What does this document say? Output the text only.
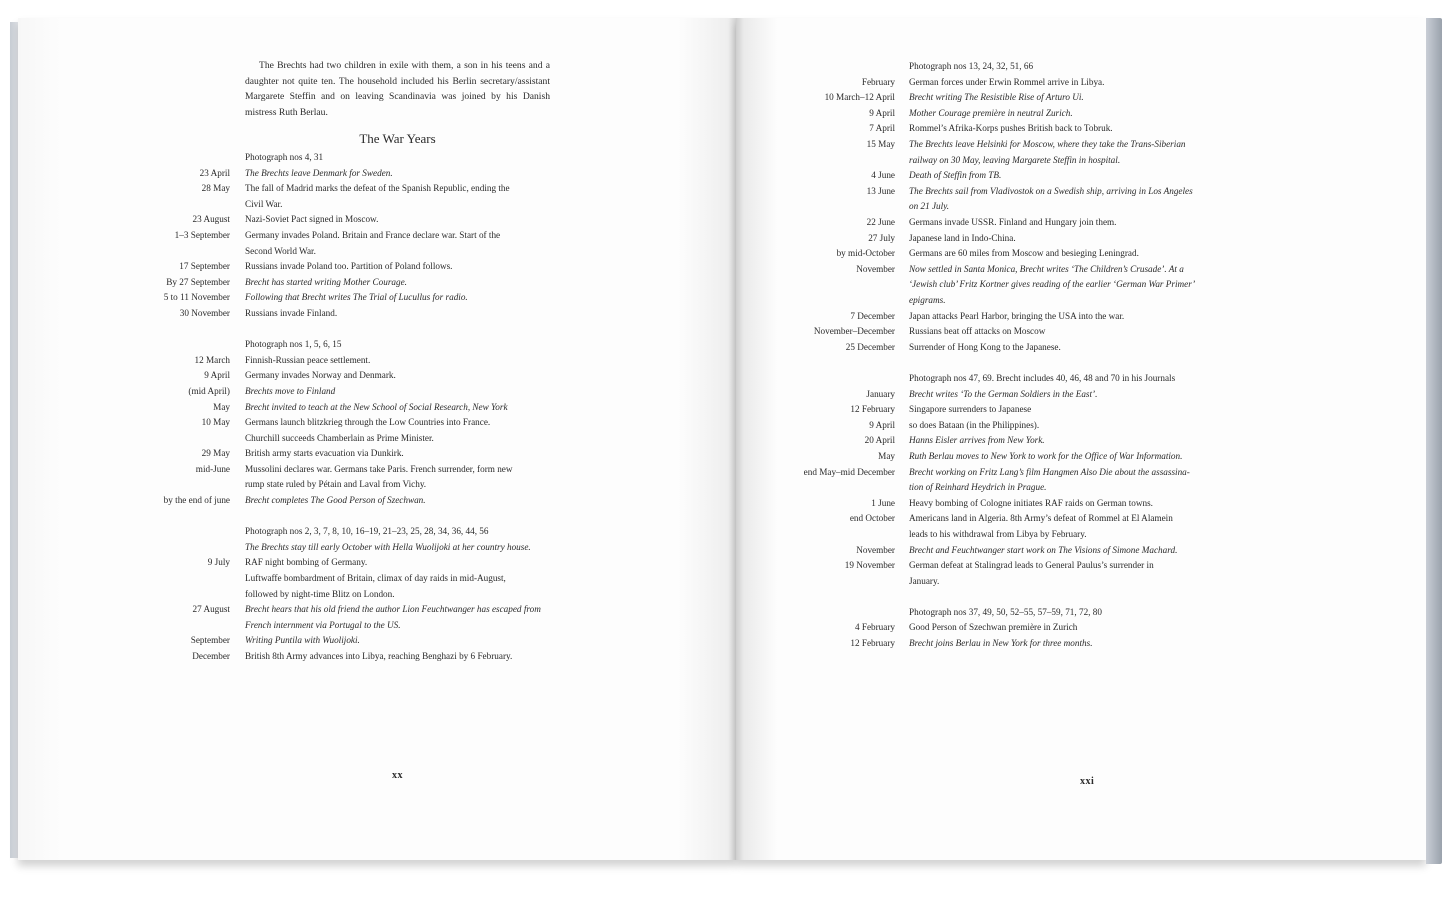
The Brechts had two children in exile with them, a son in his teens and a daughter not quite ten. The household included his Berlin secretary/assistant Margarete Steffin and on leaving Scandinavia was joined by his Danish mistress Ruth Berlau.
The War Years
Photograph nos 4, 31
23 April The Brechts leave Denmark for Sweden.
28 May The fall of Madrid marks the defeat of the Spanish Republic, ending the
Civil War.
23 August Nazi-Soviet Pact signed in Moscow.
1–3 September Germany invades Poland. Britain and France declare war. Start of the
Second World War.
17 September Russians invade Poland too. Partition of Poland follows.
By 27 September Brecht has started writing Mother Courage.
5 to 11 November Following that Brecht writes The Trial of Lucullus for radio.
30 November Russians invade Finland.
Photograph nos 1, 5, 6, 15
12 March Finnish-Russian peace settlement.
9 April Germany invades Norway and Denmark.
(mid April) Brechts move to Finland
May Brecht invited to teach at the New School of Social Research, New York
10 May Germans launch blitzkrieg through the Low Countries into France.
Churchill succeeds Chamberlain as Prime Minister.
29 May British army starts evacuation via Dunkirk.
mid-June Mussolini declares war. Germans take Paris. French surrender, form new
rump state ruled by Pétain and Laval from Vichy.
by the end of june Brecht completes The Good Person of Szechwan.
Photograph nos 2, 3, 7, 8, 10, 16–19, 21–23, 25, 28, 34, 36, 44, 56
The Brechts stay till early October with Hella Wuolijoki at her country house.
9 July RAF night bombing of Germany.
Luftwaffe bombardment of Britain, climax of day raids in mid-August,
followed by night-time Blitz on London.
27 August Brecht hears that his old friend the author Lion Feuchtwanger has escaped from
French internment via Portugal to the US.
September Writing Puntila with Wuolijoki.
December British 8th Army advances into Libya, reaching Benghazi by 6 February.
Photograph nos 13, 24, 32, 51, 66
February German forces under Erwin Rommel arrive in Libya.
10 March–12 April Brecht writing The Resistible Rise of Arturo Ui.
9 April Mother Courage première in neutral Zurich.
7 April Rommel’s Afrika-Korps pushes British back to Tobruk.
15 May The Brechts leave Helsinki for Moscow, where they take the Trans-Siberian
railway on 30 May, leaving Margarete Steffin in hospital.
4 June Death of Steffin from TB.
13 June The Brechts sail from Vladivostok on a Swedish ship, arriving in Los Angeles
on 21 July.
22 June Germans invade USSR. Finland and Hungary join them.
27 July Japanese land in Indo-China.
by mid-October Germans are 60 miles from Moscow and besieging Leningrad.
November Now settled in Santa Monica, Brecht writes ‘The Children’s Crusade’. At a
‘Jewish club’ Fritz Kortner gives reading of the earlier ‘German War Primer’
epigrams.
7 December Japan attacks Pearl Harbor, bringing the USA into the war.
November–December Russians beat off attacks on Moscow
25 December Surrender of Hong Kong to the Japanese.
Photograph nos 47, 69. Brecht includes 40, 46, 48 and 70 in his Journals
January Brecht writes ‘To the German Soldiers in the East’.
12 February Singapore surrenders to Japanese
9 April so does Bataan (in the Philippines).
20 April Hanns Eisler arrives from New York.
May Ruth Berlau moves to New York to work for the Office of War Information.
end May–mid December Brecht working on Fritz Lang’s film Hangmen Also Die about the assassina-
tion of Reinhard Heydrich in Prague.
1 June Heavy bombing of Cologne initiates RAF raids on German towns.
end October Americans land in Algeria. 8th Army’s defeat of Rommel at El Alamein
leads to his withdrawal from Libya by February.
November Brecht and Feuchtwanger start work on The Visions of Simone Machard.
19 November German defeat at Stalingrad leads to General Paulus’s surrender in
January.
Photograph nos 37, 49, 50, 52–55, 57–59, 71, 72, 80
4 February Good Person of Szechwan première in Zurich
12 February Brecht joins Berlau in New York for three months.
xx
xxi
